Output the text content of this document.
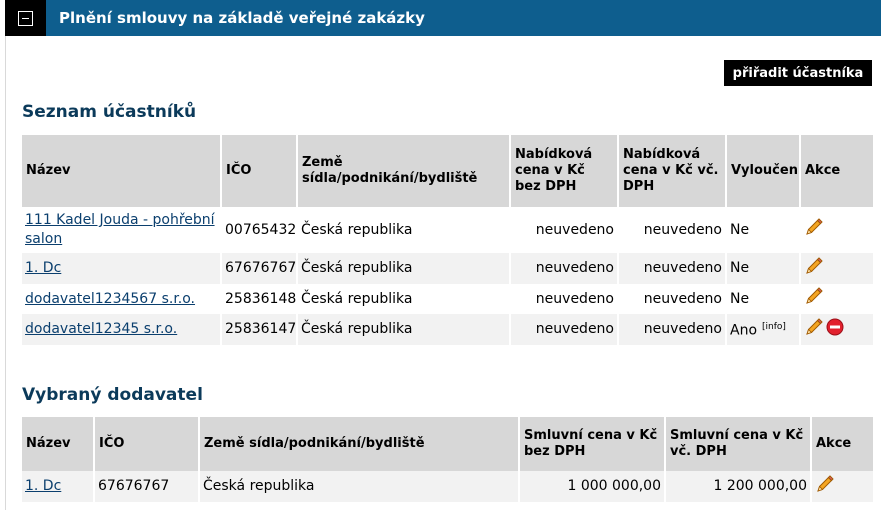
Plnění smlouvy na základě veřejné zakázky
přiřadit účastníka
Seznam účastníků
Název	IČO	Země sídla/podnikání/bydliště	Nabídková cena v Kč bez DPH	Nabídková cena v Kč vč. DPH	Vyloučen	Akce
111 Kadel Jouda - pohřební salon	00765432	Česká republika	neuvedeno	neuvedeno	Ne	
1. Dc	67676767	Česká republika	neuvedeno	neuvedeno	Ne	
dodavatel1234567 s.r.o.	25836148	Česká republika	neuvedeno	neuvedeno	Ne	
dodavatel12345 s.r.o.	25836147	Česká republika	neuvedeno	neuvedeno	Ano [info]	
Vybraný dodavatel
Název	IČO	Země sídla/podnikání/bydliště	Smluvní cena v Kč bez DPH	Smluvní cena v Kč vč. DPH	Akce
1. Dc	67676767	Česká republika	1 000 000,00	1 200 000,00	
